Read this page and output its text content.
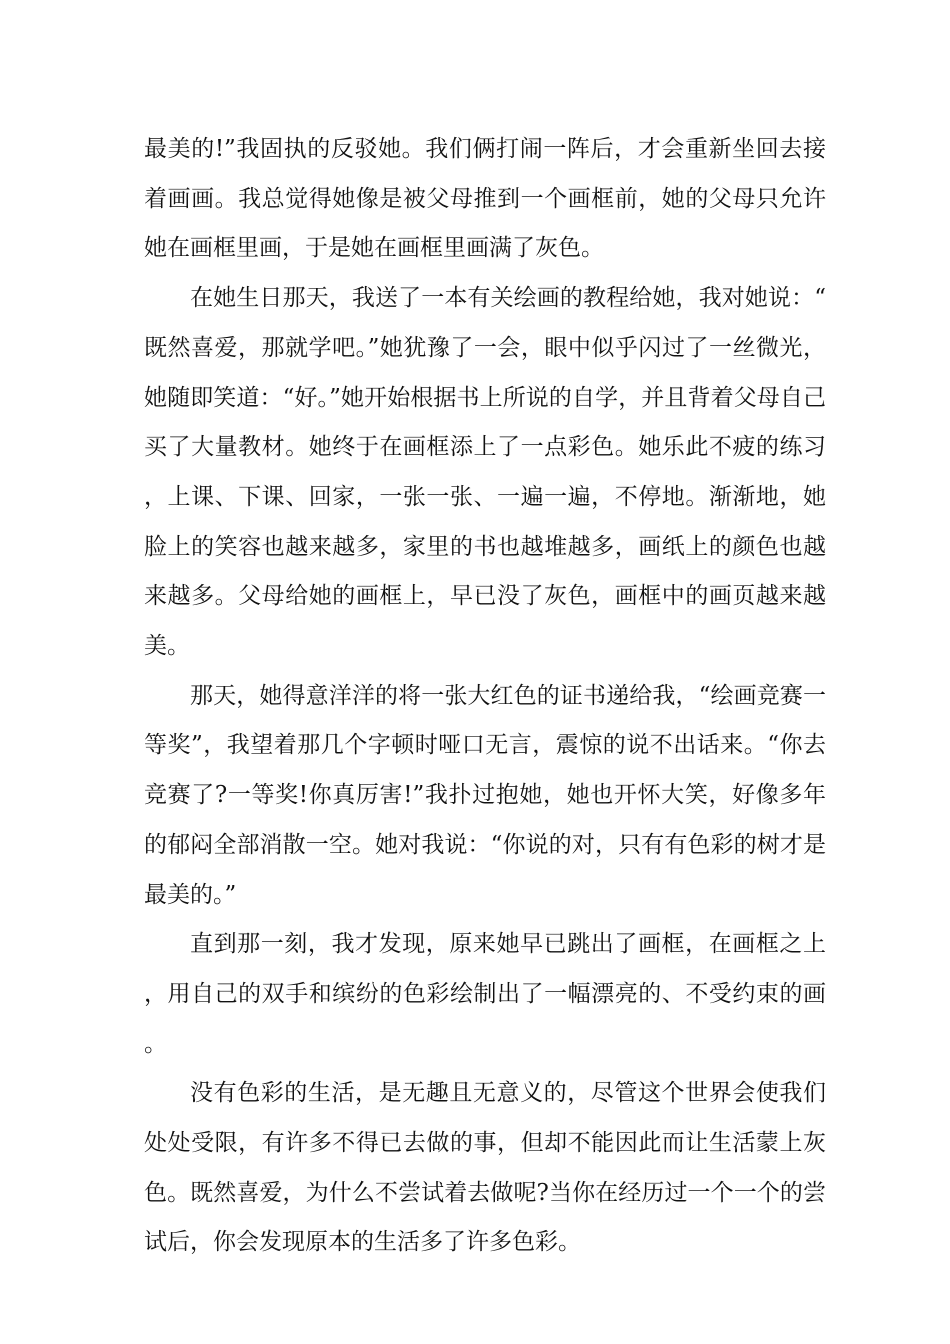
最美的!”我固执的反驳她。我们俩打闹一阵后，才会重新坐回去接着画画。我总觉得她像是被父母推到一个画框前，她的父母只允许她在画框里画，于是她在画框里画满了灰色。

在她生日那天，我送了一本有关绘画的教程给她，我对她说：“既然喜爱，那就学吧。”她犹豫了一会，眼中似乎闪过了一丝微光，她随即笑道：“好。”她开始根据书上所说的自学，并且背着父母自己买了大量教材。她终于在画框添上了一点彩色。她乐此不疲的练习，上课、下课、回家，一张一张、一遍一遍，不停地。渐渐地，她脸上的笑容也越来越多，家里的书也越堆越多，画纸上的颜色也越来越多。父母给她的画框上，早已没了灰色，画框中的画页越来越美。

那天，她得意洋洋的将一张大红色的证书递给我，“绘画竞赛一等奖”，我望着那几个字顿时哑口无言，震惊的说不出话来。“你去竞赛了?一等奖!你真厉害!”我扑过抱她，她也开怀大笑，好像多年的郁闷全部消散一空。她对我说：“你说的对，只有有色彩的树才是最美的。”

直到那一刻，我才发现，原来她早已跳出了画框，在画框之上，用自己的双手和缤纷的色彩绘制出了一幅漂亮的、不受约束的画。

没有色彩的生活，是无趣且无意义的，尽管这个世界会使我们处处受限，有许多不得已去做的事，但却不能因此而让生活蒙上灰色。既然喜爱，为什么不尝试着去做呢?当你在经历过一个一个的尝试后，你会发现原本的生活多了许多色彩。
